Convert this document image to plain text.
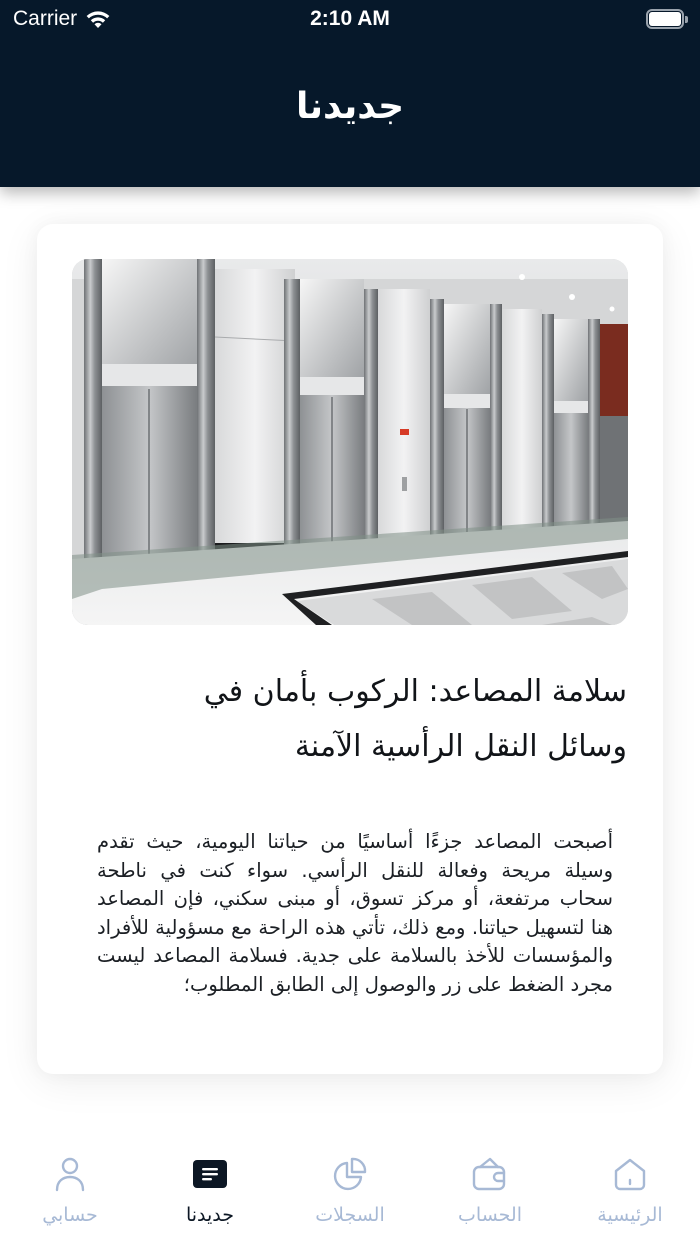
Carrier	2:10 AM
جديدنا
سلامة المصاعد: الركوب بأمان في وسائل النقل الرأسية الآمنة
أصبحت المصاعد جزءًا أساسيًا من حياتنا اليومية، حيث تقدم وسيلة مريحة وفعالة للنقل الرأسي. سواء كنت في ناطحة سحاب مرتفعة، أو مركز تسوق، أو مبنى سكني، فإن المصاعد هنا لتسهيل حياتنا. ومع ذلك، تأتي هذه الراحة مع مسؤولية للأفراد والمؤسسات للأخذ بالسلامة على جدية. فسلامة المصاعد ليست مجرد الضغط على زر والوصول إلى الطابق المطلوب؛
حسابي	جديدنا	السجلات	الحساب	الرئيسية
